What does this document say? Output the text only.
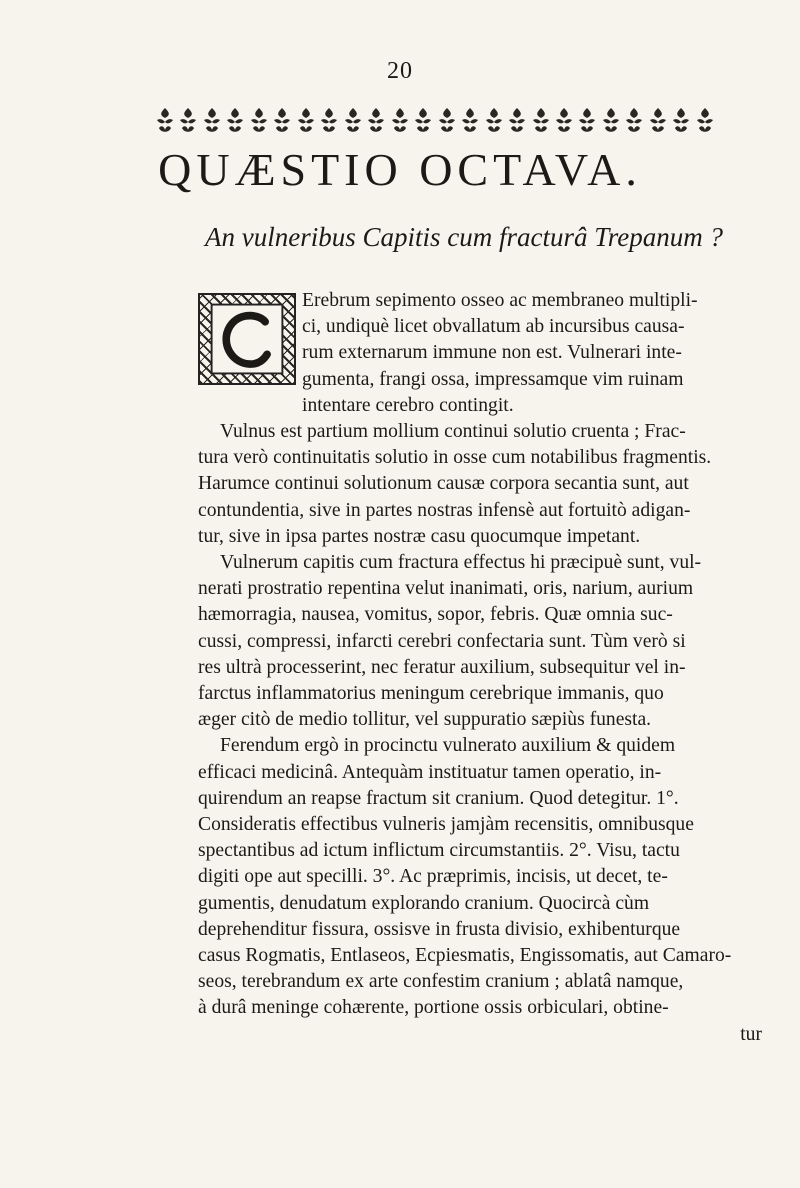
20
QUÆSTIO OCTAVA.
An vulneribus Capitis cum fracturâ Trepanum ?
Erebrum sepimento osseo ac membraneo multipli-
ci, undiquè licet obvallatum ab incursibus causa-
rum externarum immune non est. Vulnerari inte-
gumenta, frangi ossa, impressamque vim ruinam
intentare cerebro contingit.
Vulnus est partium mollium continui solutio cruenta ; Frac-
tura verò continuitatis solutio in osse cum notabilibus fragmentis.
Harumce continui solutionum causæ corpora secantia sunt, aut
contundentia, sive in partes nostras infensè aut fortuitò adigan-
tur, sive in ipsa partes nostræ casu quocumque impetant.
Vulnerum capitis cum fractura effectus hi præcipuè sunt, vul-
nerati prostratio repentina velut inanimati, oris, narium, aurium
hæmorragia, nausea, vomitus, sopor, febris. Quæ omnia suc-
cussi, compressi, infarcti cerebri confectaria sunt. Tùm verò si
res ultrà processerint, nec feratur auxilium, subsequitur vel in-
farctus inflammatorius meningum cerebrique immanis, quo
æger citò de medio tollitur, vel suppuratio sæpiùs funesta.
Ferendum ergò in procinctu vulnerato auxilium & quidem
efficaci medicinâ. Antequàm instituatur tamen operatio, in-
quirendum an reapse fractum sit cranium. Quod detegitur. 1°.
Consideratis effectibus vulneris jamjàm recensitis, omnibusque
spectantibus ad ictum inflictum circumstantiis. 2°. Visu, tactu
digiti ope aut specilli. 3°. Ac præprimis, incisis, ut decet, te-
gumentis, denudatum explorando cranium. Quocircà cùm
deprehenditur fissura, ossisve in frusta divisio, exhibenturque
casus Rogmatis, Entlaseos, Ecpiesmatis, Engissomatis, aut Camaro-
seos, terebrandum ex arte confestim cranium ; ablatâ namque,
à durâ meninge cohærente, portione ossis orbiculari, obtine-
tur
